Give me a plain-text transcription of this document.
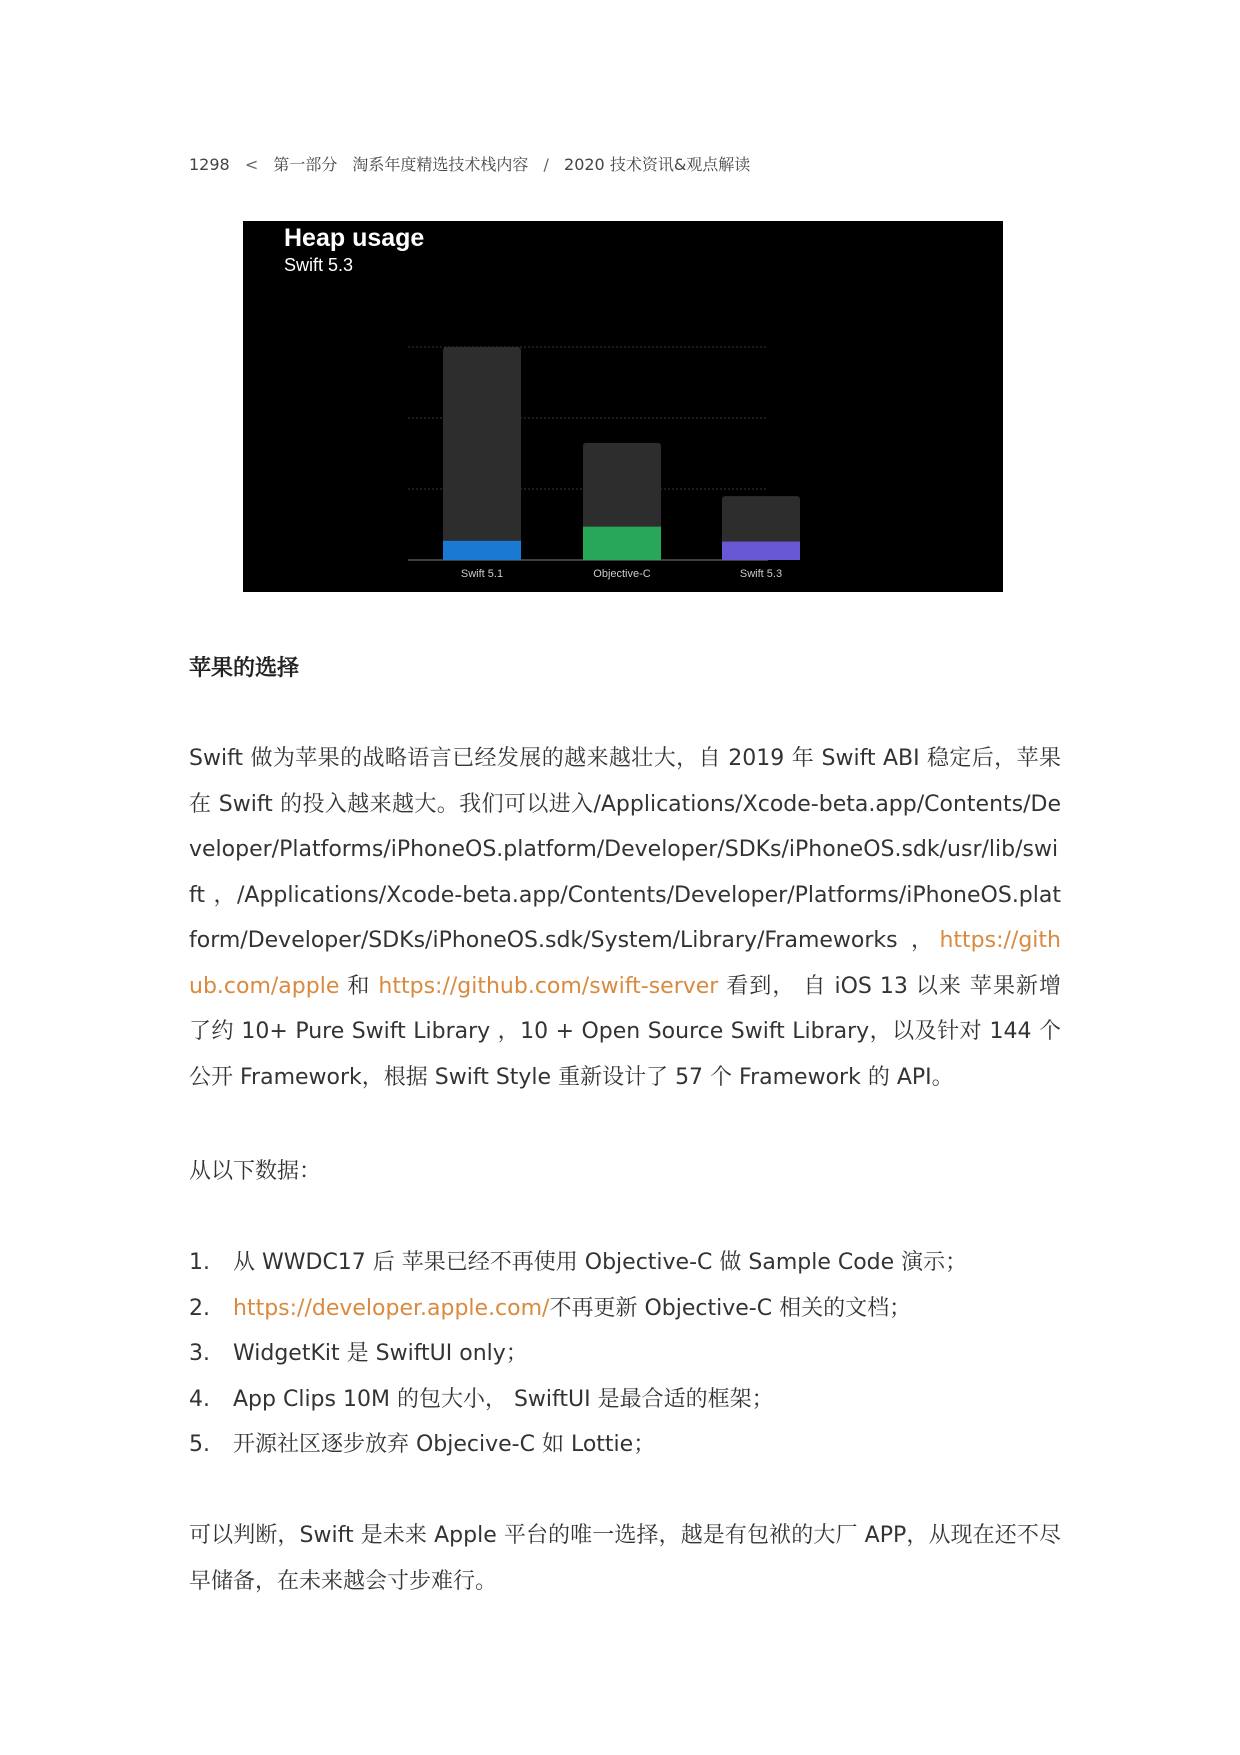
1298 < 第一部分 淘系年度精选技术栈内容 / 2020 技术资讯&观点解读
Heap usage
Swift 5.3
Swift 5.1	Objective-C	Swift 5.3
苹果的选择
Swift 做为苹果的战略语言已经发展的越来越壮大，自 2019 年 Swift ABI 稳定后，苹果在 Swift 的投入越来越大。我们可以进入/Applications/Xcode-beta.app/Contents/Developer/Platforms/iPhoneOS.platform/Developer/SDKs/iPhoneOS.sdk/usr/lib/swift ，/Applications/Xcode-beta.app/Contents/Developer/Platforms/iPhoneOS.platform/Developer/SDKs/iPhoneOS.sdk/System/Library/Frameworks ，https://github.com/apple 和 https://github.com/swift-server 看到， 自 iOS 13 以来 苹果新增了约 10+ Pure Swift Library ，10 + Open Source Swift Library，以及针对 144 个公开 Framework，根据 Swift Style 重新设计了 57 个 Framework 的 API。
从以下数据：
1. 从 WWDC17 后 苹果已经不再使用 Objective-C 做 Sample Code 演示；
2. https://developer.apple.com/不再更新 Objective-C 相关的文档；
3. WidgetKit 是 SwiftUI only；
4. App Clips 10M 的包大小， SwiftUI 是最合适的框架；
5. 开源社区逐步放弃 Objecive-C 如 Lottie；
可以判断，Swift 是未来 Apple 平台的唯一选择，越是有包袱的大厂 APP，从现在还不尽早储备，在未来越会寸步难行。
